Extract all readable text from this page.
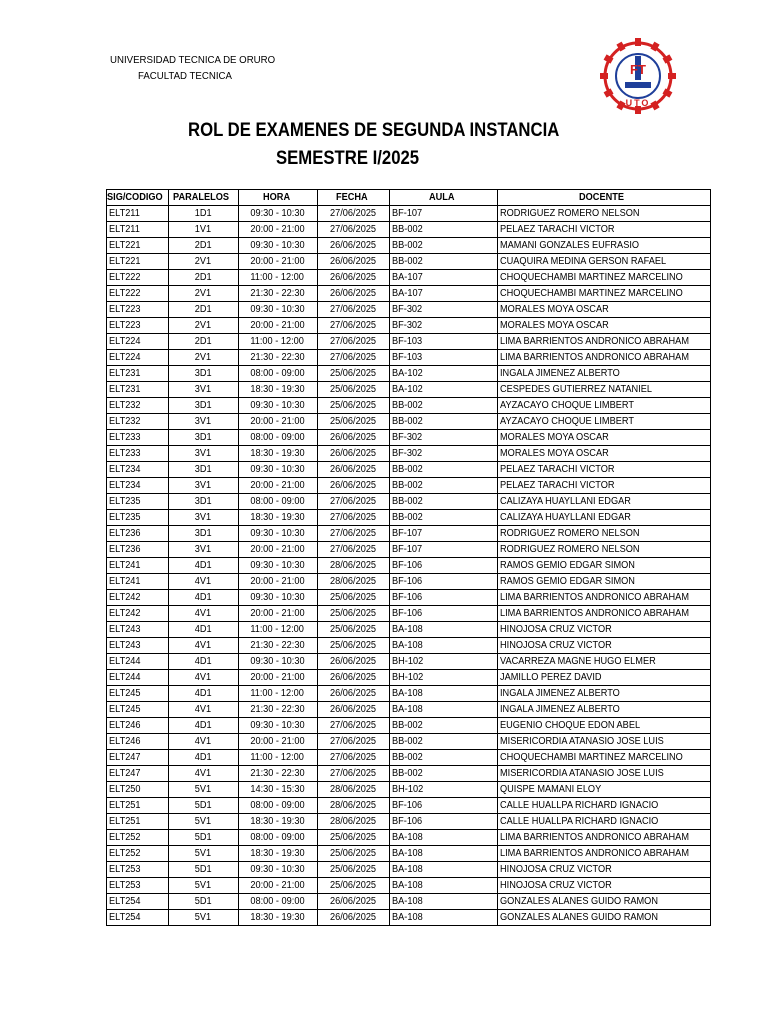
UNIVERSIDAD TECNICA DE ORURO
FACULTAD TECNICA	FT
UTO
ROL DE EXAMENES DE SEGUNDA INSTANCIA
SEMESTRE I/2025
SIG/CODIGO	PARALELOS	HORA	FECHA	AULA	DOCENTE
ELT211	1D1	09:30 - 10:30	27/06/2025	BF-107	RODRIGUEZ ROMERO NELSON
ELT211	1V1	20:00 - 21:00	27/06/2025	BB-002	PELAEZ TARACHI VICTOR
ELT221	2D1	09:30 - 10:30	26/06/2025	BB-002	MAMANI GONZALES EUFRASIO
ELT221	2V1	20:00 - 21:00	26/06/2025	BB-002	CUAQUIRA MEDINA GERSON RAFAEL
ELT222	2D1	11:00 - 12:00	26/06/2025	BA-107	CHOQUECHAMBI MARTINEZ MARCELINO
ELT222	2V1	21:30 - 22:30	26/06/2025	BA-107	CHOQUECHAMBI MARTINEZ MARCELINO
ELT223	2D1	09:30 - 10:30	27/06/2025	BF-302	MORALES MOYA OSCAR
ELT223	2V1	20:00 - 21:00	27/06/2025	BF-302	MORALES MOYA OSCAR
ELT224	2D1	11:00 - 12:00	27/06/2025	BF-103	LIMA BARRIENTOS ANDRONICO ABRAHAM
ELT224	2V1	21:30 - 22:30	27/06/2025	BF-103	LIMA BARRIENTOS ANDRONICO ABRAHAM
ELT231	3D1	08:00 - 09:00	25/06/2025	BA-102	INGALA JIMENEZ ALBERTO
ELT231	3V1	18:30 - 19:30	25/06/2025	BA-102	CESPEDES GUTIERREZ NATANIEL
ELT232	3D1	09:30 - 10:30	25/06/2025	BB-002	AYZACAYO CHOQUE LIMBERT
ELT232	3V1	20:00 - 21:00	25/06/2025	BB-002	AYZACAYO CHOQUE LIMBERT
ELT233	3D1	08:00 - 09:00	26/06/2025	BF-302	MORALES MOYA OSCAR
ELT233	3V1	18:30 - 19:30	26/06/2025	BF-302	MORALES MOYA OSCAR
ELT234	3D1	09:30 - 10:30	26/06/2025	BB-002	PELAEZ TARACHI VICTOR
ELT234	3V1	20:00 - 21:00	26/06/2025	BB-002	PELAEZ TARACHI VICTOR
ELT235	3D1	08:00 - 09:00	27/06/2025	BB-002	CALIZAYA HUAYLLANI EDGAR
ELT235	3V1	18:30 - 19:30	27/06/2025	BB-002	CALIZAYA HUAYLLANI EDGAR
ELT236	3D1	09:30 - 10:30	27/06/2025	BF-107	RODRIGUEZ ROMERO NELSON
ELT236	3V1	20:00 - 21:00	27/06/2025	BF-107	RODRIGUEZ ROMERO NELSON
ELT241	4D1	09:30 - 10:30	28/06/2025	BF-106	RAMOS GEMIO EDGAR SIMON
ELT241	4V1	20:00 - 21:00	28/06/2025	BF-106	RAMOS GEMIO EDGAR SIMON
ELT242	4D1	09:30 - 10:30	25/06/2025	BF-106	LIMA BARRIENTOS ANDRONICO ABRAHAM
ELT242	4V1	20:00 - 21:00	25/06/2025	BF-106	LIMA BARRIENTOS ANDRONICO ABRAHAM
ELT243	4D1	11:00 - 12:00	25/06/2025	BA-108	HINOJOSA CRUZ VICTOR
ELT243	4V1	21:30 - 22:30	25/06/2025	BA-108	HINOJOSA CRUZ VICTOR
ELT244	4D1	09:30 - 10:30	26/06/2025	BH-102	VACARREZA MAGNE HUGO ELMER
ELT244	4V1	20:00 - 21:00	26/06/2025	BH-102	JAMILLO PEREZ DAVID
ELT245	4D1	11:00 - 12:00	26/06/2025	BA-108	INGALA JIMENEZ ALBERTO
ELT245	4V1	21:30 - 22:30	26/06/2025	BA-108	INGALA JIMENEZ ALBERTO
ELT246	4D1	09:30 - 10:30	27/06/2025	BB-002	EUGENIO CHOQUE EDON ABEL
ELT246	4V1	20:00 - 21:00	27/06/2025	BB-002	MISERICORDIA ATANASIO JOSE LUIS
ELT247	4D1	11:00 - 12:00	27/06/2025	BB-002	CHOQUECHAMBI MARTINEZ MARCELINO
ELT247	4V1	21:30 - 22:30	27/06/2025	BB-002	MISERICORDIA ATANASIO JOSE LUIS
ELT250	5V1	14:30 - 15:30	28/06/2025	BH-102	QUISPE MAMANI ELOY
ELT251	5D1	08:00 - 09:00	28/06/2025	BF-106	CALLE HUALLPA RICHARD IGNACIO
ELT251	5V1	18:30 - 19:30	28/06/2025	BF-106	CALLE HUALLPA RICHARD IGNACIO
ELT252	5D1	08:00 - 09:00	25/06/2025	BA-108	LIMA BARRIENTOS ANDRONICO ABRAHAM
ELT252	5V1	18:30 - 19:30	25/06/2025	BA-108	LIMA BARRIENTOS ANDRONICO ABRAHAM
ELT253	5D1	09:30 - 10:30	25/06/2025	BA-108	HINOJOSA CRUZ VICTOR
ELT253	5V1	20:00 - 21:00	25/06/2025	BA-108	HINOJOSA CRUZ VICTOR
ELT254	5D1	08:00 - 09:00	26/06/2025	BA-108	GONZALES ALANES GUIDO RAMON
ELT254	5V1	18:30 - 19:30	26/06/2025	BA-108	GONZALES ALANES GUIDO RAMON
